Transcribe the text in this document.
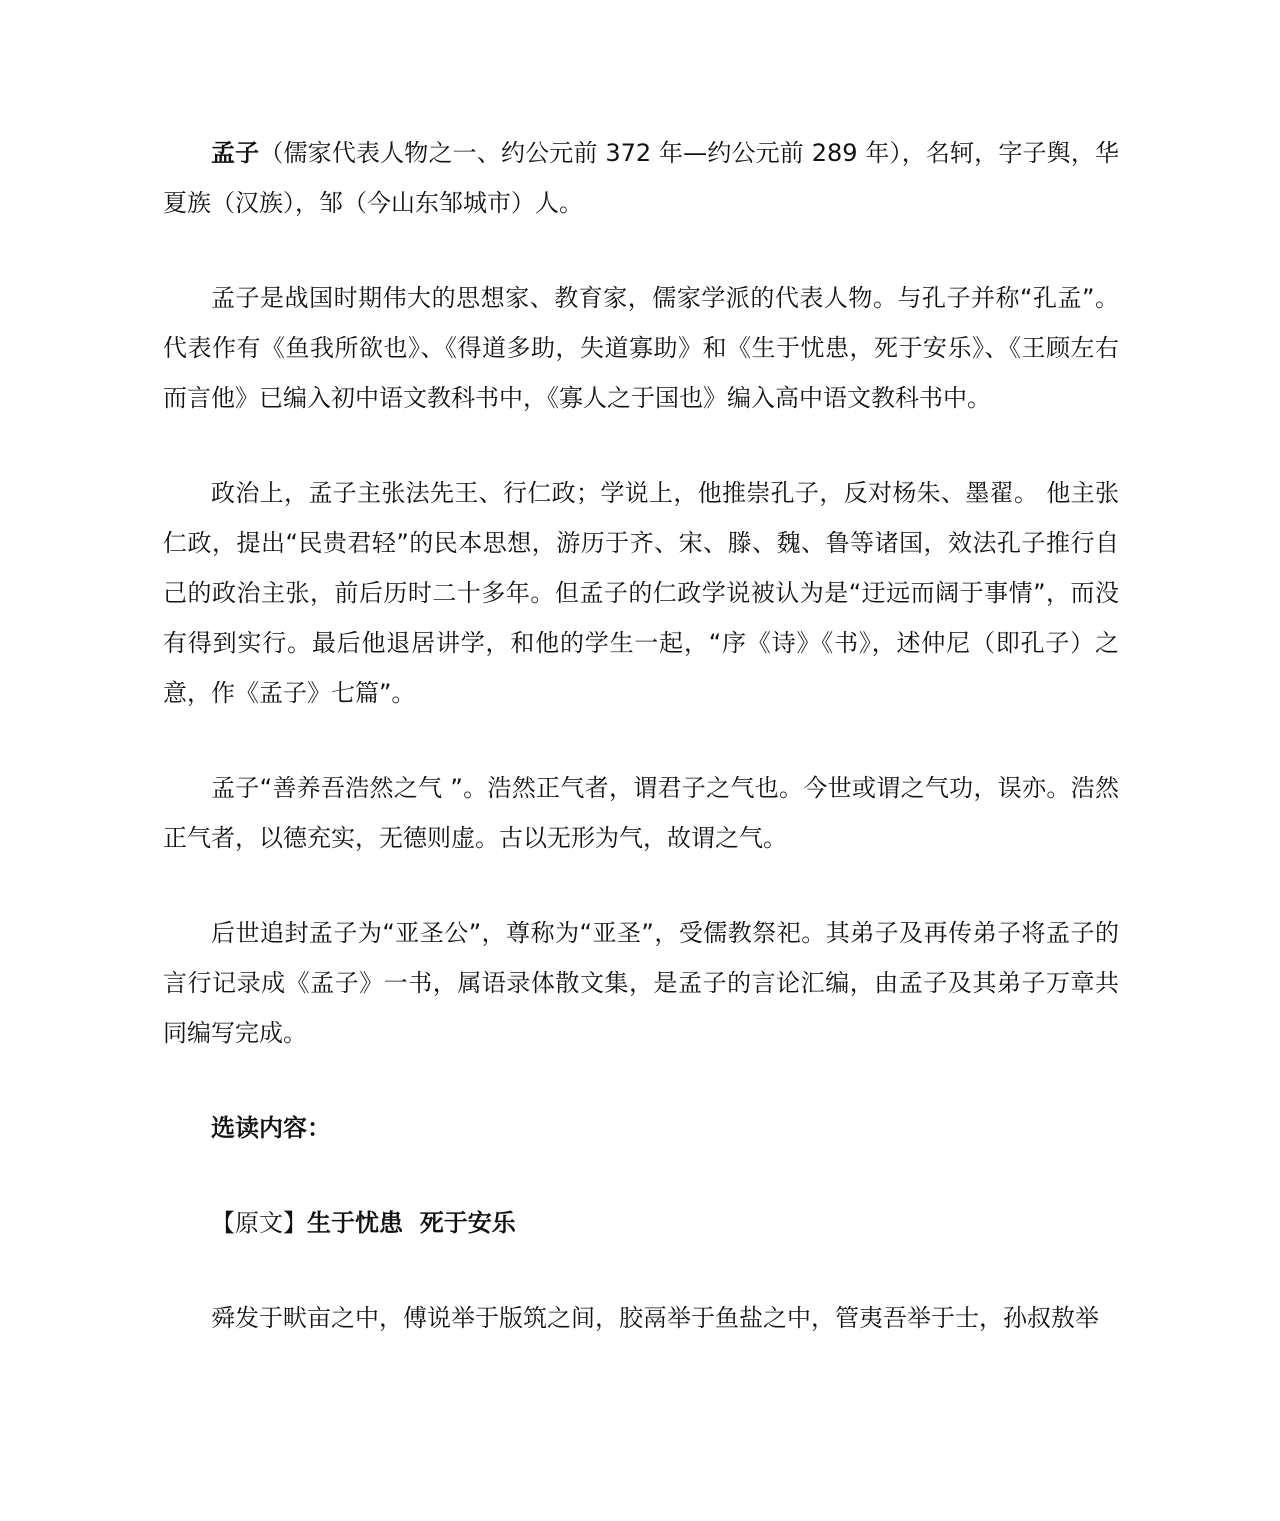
孟子（儒家代表人物之一、约公元前 372 年—约公元前 289 年），名轲，字子舆，华夏族（汉族），邹（今山东邹城市）人。

孟子是战国时期伟大的思想家、教育家，儒家学派的代表人物。与孔子并称“孔孟”。代表作有《鱼我所欲也》、《得道多助，失道寡助》和《生于忧患，死于安乐》、《王顾左右而言他》已编入初中语文教科书中，《寡人之于国也》编入高中语文教科书中。

政治上，孟子主张法先王、行仁政；学说上，他推崇孔子，反对杨朱、墨翟。 他主张仁政，提出“民贵君轻”的民本思想，游历于齐、宋、滕、魏、鲁等诸国，效法孔子推行自己的政治主张，前后历时二十多年。但孟子的仁政学说被认为是“迂远而阔于事情”，而没有得到实行。最后他退居讲学，和他的学生一起，“序《诗》《书》，述仲尼（即孔子）之意，作《孟子》七篇”。

孟子“善养吾浩然之气 ”。浩然正气者，谓君子之气也。今世或谓之气功，误亦。浩然正气者，以德充实，无德则虚。古以无形为气，故谓之气。

后世追封孟子为“亚圣公”，尊称为“亚圣”，受儒教祭祀。其弟子及再传弟子将孟子的言行记录成《孟子》一书，属语录体散文集，是孟子的言论汇编，由孟子及其弟子万章共同编写完成。

选读内容：

【原文】生于忧患  死于安乐

舜发于畎亩之中，傅说举于版筑之间，胶鬲举于鱼盐之中，管夷吾举于士，孙叔敖举
